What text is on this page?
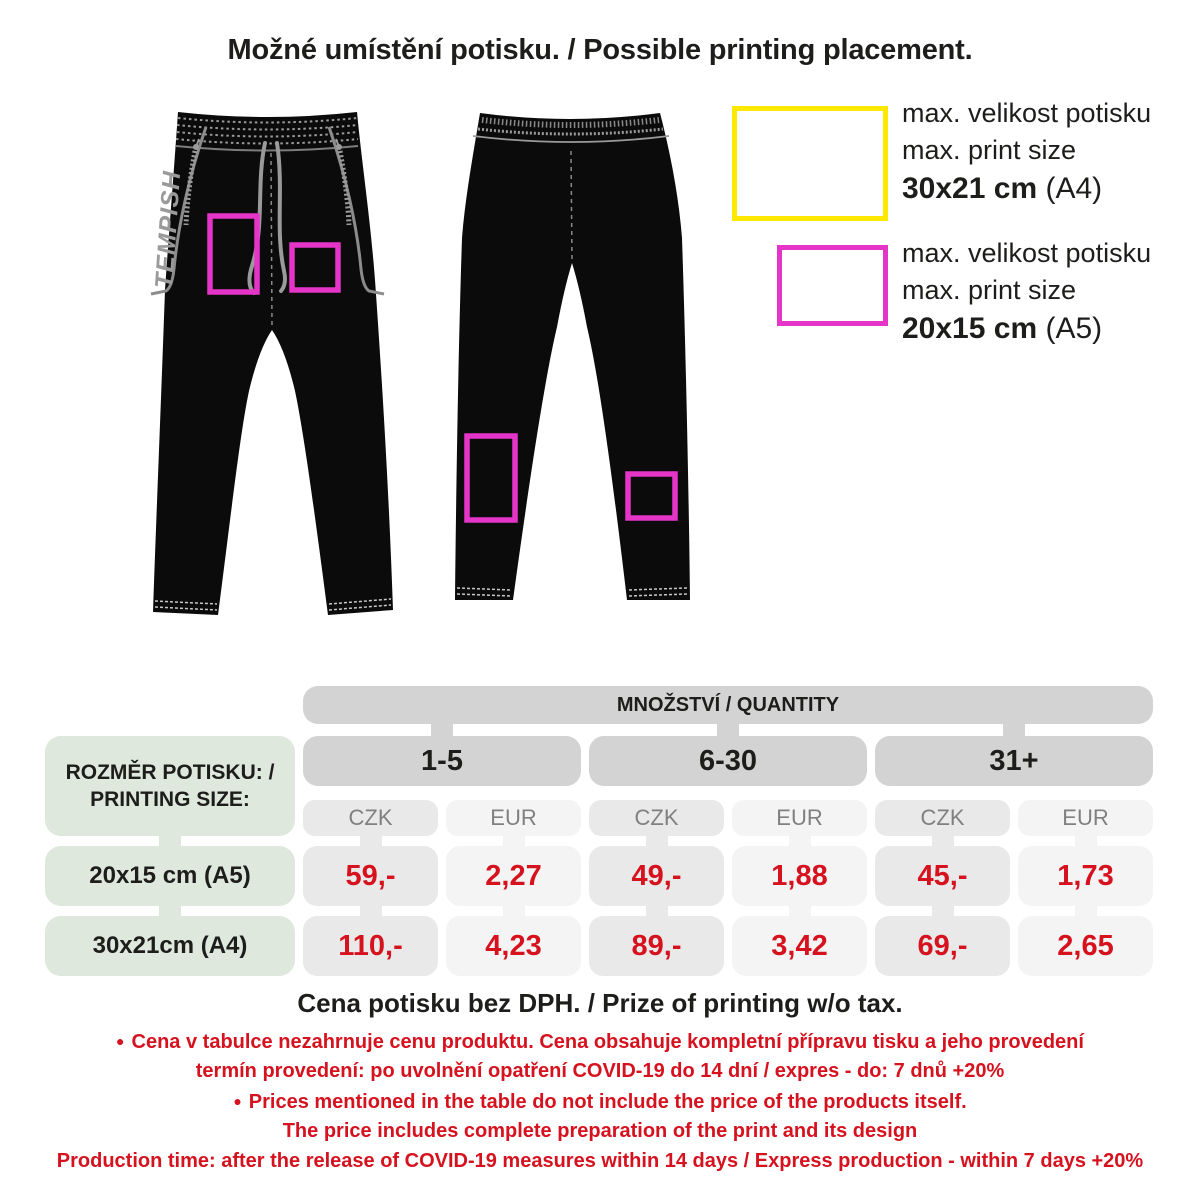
Možné umístění potisku. / Possible printing placement.
TEMPISH
max. velikost potisku
max. print size
30x21 cm (A4)
max. velikost potisku
max. print size
20x15 cm (A5)
MNOŽSTVÍ / QUANTITY
1-5	6-30	31+
ROZMĚR POTISKU: /
PRINTING SIZE:
CZK	EUR	CZK	EUR	CZK	EUR
20x15 cm (A5)	59,-	2,27	49,-	1,88	45,-	1,73
30x21cm (A4)	110,-	4,23	89,-	3,42	69,-	2,65
Cena potisku bez DPH. / Prize of printing w/o tax.
● Cena v tabulce nezahrnuje cenu produktu. Cena obsahuje kompletní přípravu tisku a jeho provedení
termín provedení: po uvolnění opatření COVID-19 do 14 dní / expres - do: 7 dnů +20%
● Prices mentioned in the table do not include the price of the products itself.
The price includes complete preparation of the print and its design
Production time: after the release of COVID-19 measures within 14 days / Express production - within 7 days +20%
